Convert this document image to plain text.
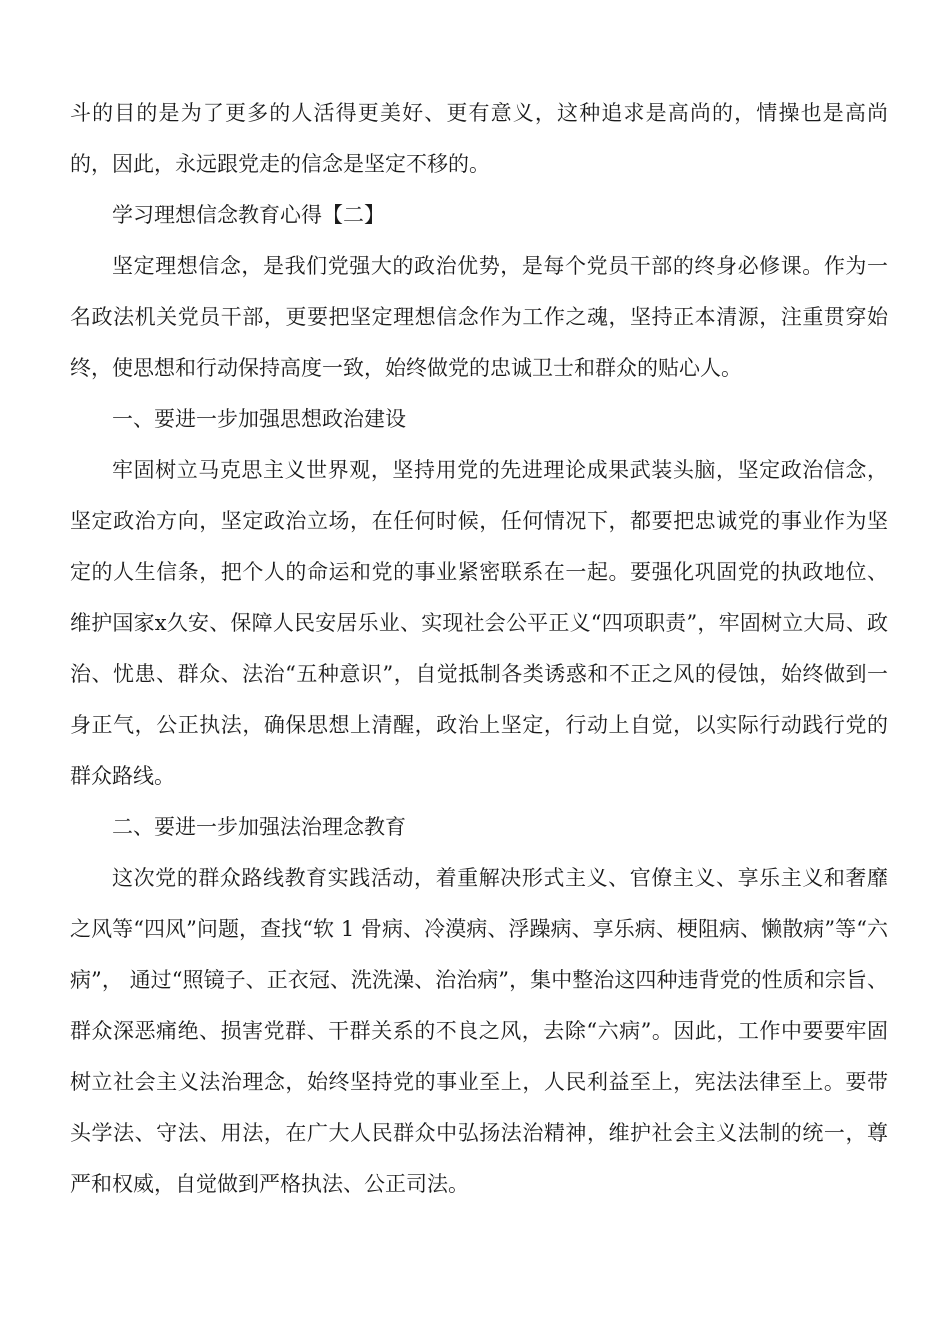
斗的目的是为了更多的人活得更美好、更有意义，这种追求是高尚的，情操也是高尚的，因此，永远跟党走的信念是坚定不移的。

学习理想信念教育心得【二】

坚定理想信念，是我们党强大的政治优势，是每个党员干部的终身必修课。作为一名政法机关党员干部，更要把坚定理想信念作为工作之魂，坚持正本清源，注重贯穿始终，使思想和行动保持高度一致，始终做党的忠诚卫士和群众的贴心人。

一、要进一步加强思想政治建设

牢固树立马克思主义世界观，坚持用党的先进理论成果武装头脑，坚定政治信念，坚定政治方向，坚定政治立场，在任何时候，任何情况下，都要把忠诚党的事业作为坚定的人生信条，把个人的命运和党的事业紧密联系在一起。要强化巩固党的执政地位、维护国家x久安、保障人民安居乐业、实现社会公平正义“四项职责”，牢固树立大局、政治、忧患、群众、法治“五种意识”，自觉抵制各类诱惑和不正之风的侵蚀，始终做到一身正气，公正执法，确保思想上清醒，政治上坚定，行动上自觉，以实际行动践行党的群众路线。

二、要进一步加强法治理念教育

这次党的群众路线教育实践活动，着重解决形式主义、官僚主义、享乐主义和奢靡之风等“四风”问题，查找“软 1 骨病、冷漠病、浮躁病、享乐病、梗阻病、懒散病”等“六病”， 通过“照镜子、正衣冠、洗洗澡、治治病”，集中整治这四种违背党的性质和宗旨、群众深恶痛绝、损害党群、干群关系的不良之风，去除“六病”。因此，工作中要要牢固树立社会主义法治理念，始终坚持党的事业至上，人民利益至上，宪法法律至上。要带头学法、守法、用法，在广大人民群众中弘扬法治精神，维护社会主义法制的统一，尊严和权威，自觉做到严格执法、公正司法。
